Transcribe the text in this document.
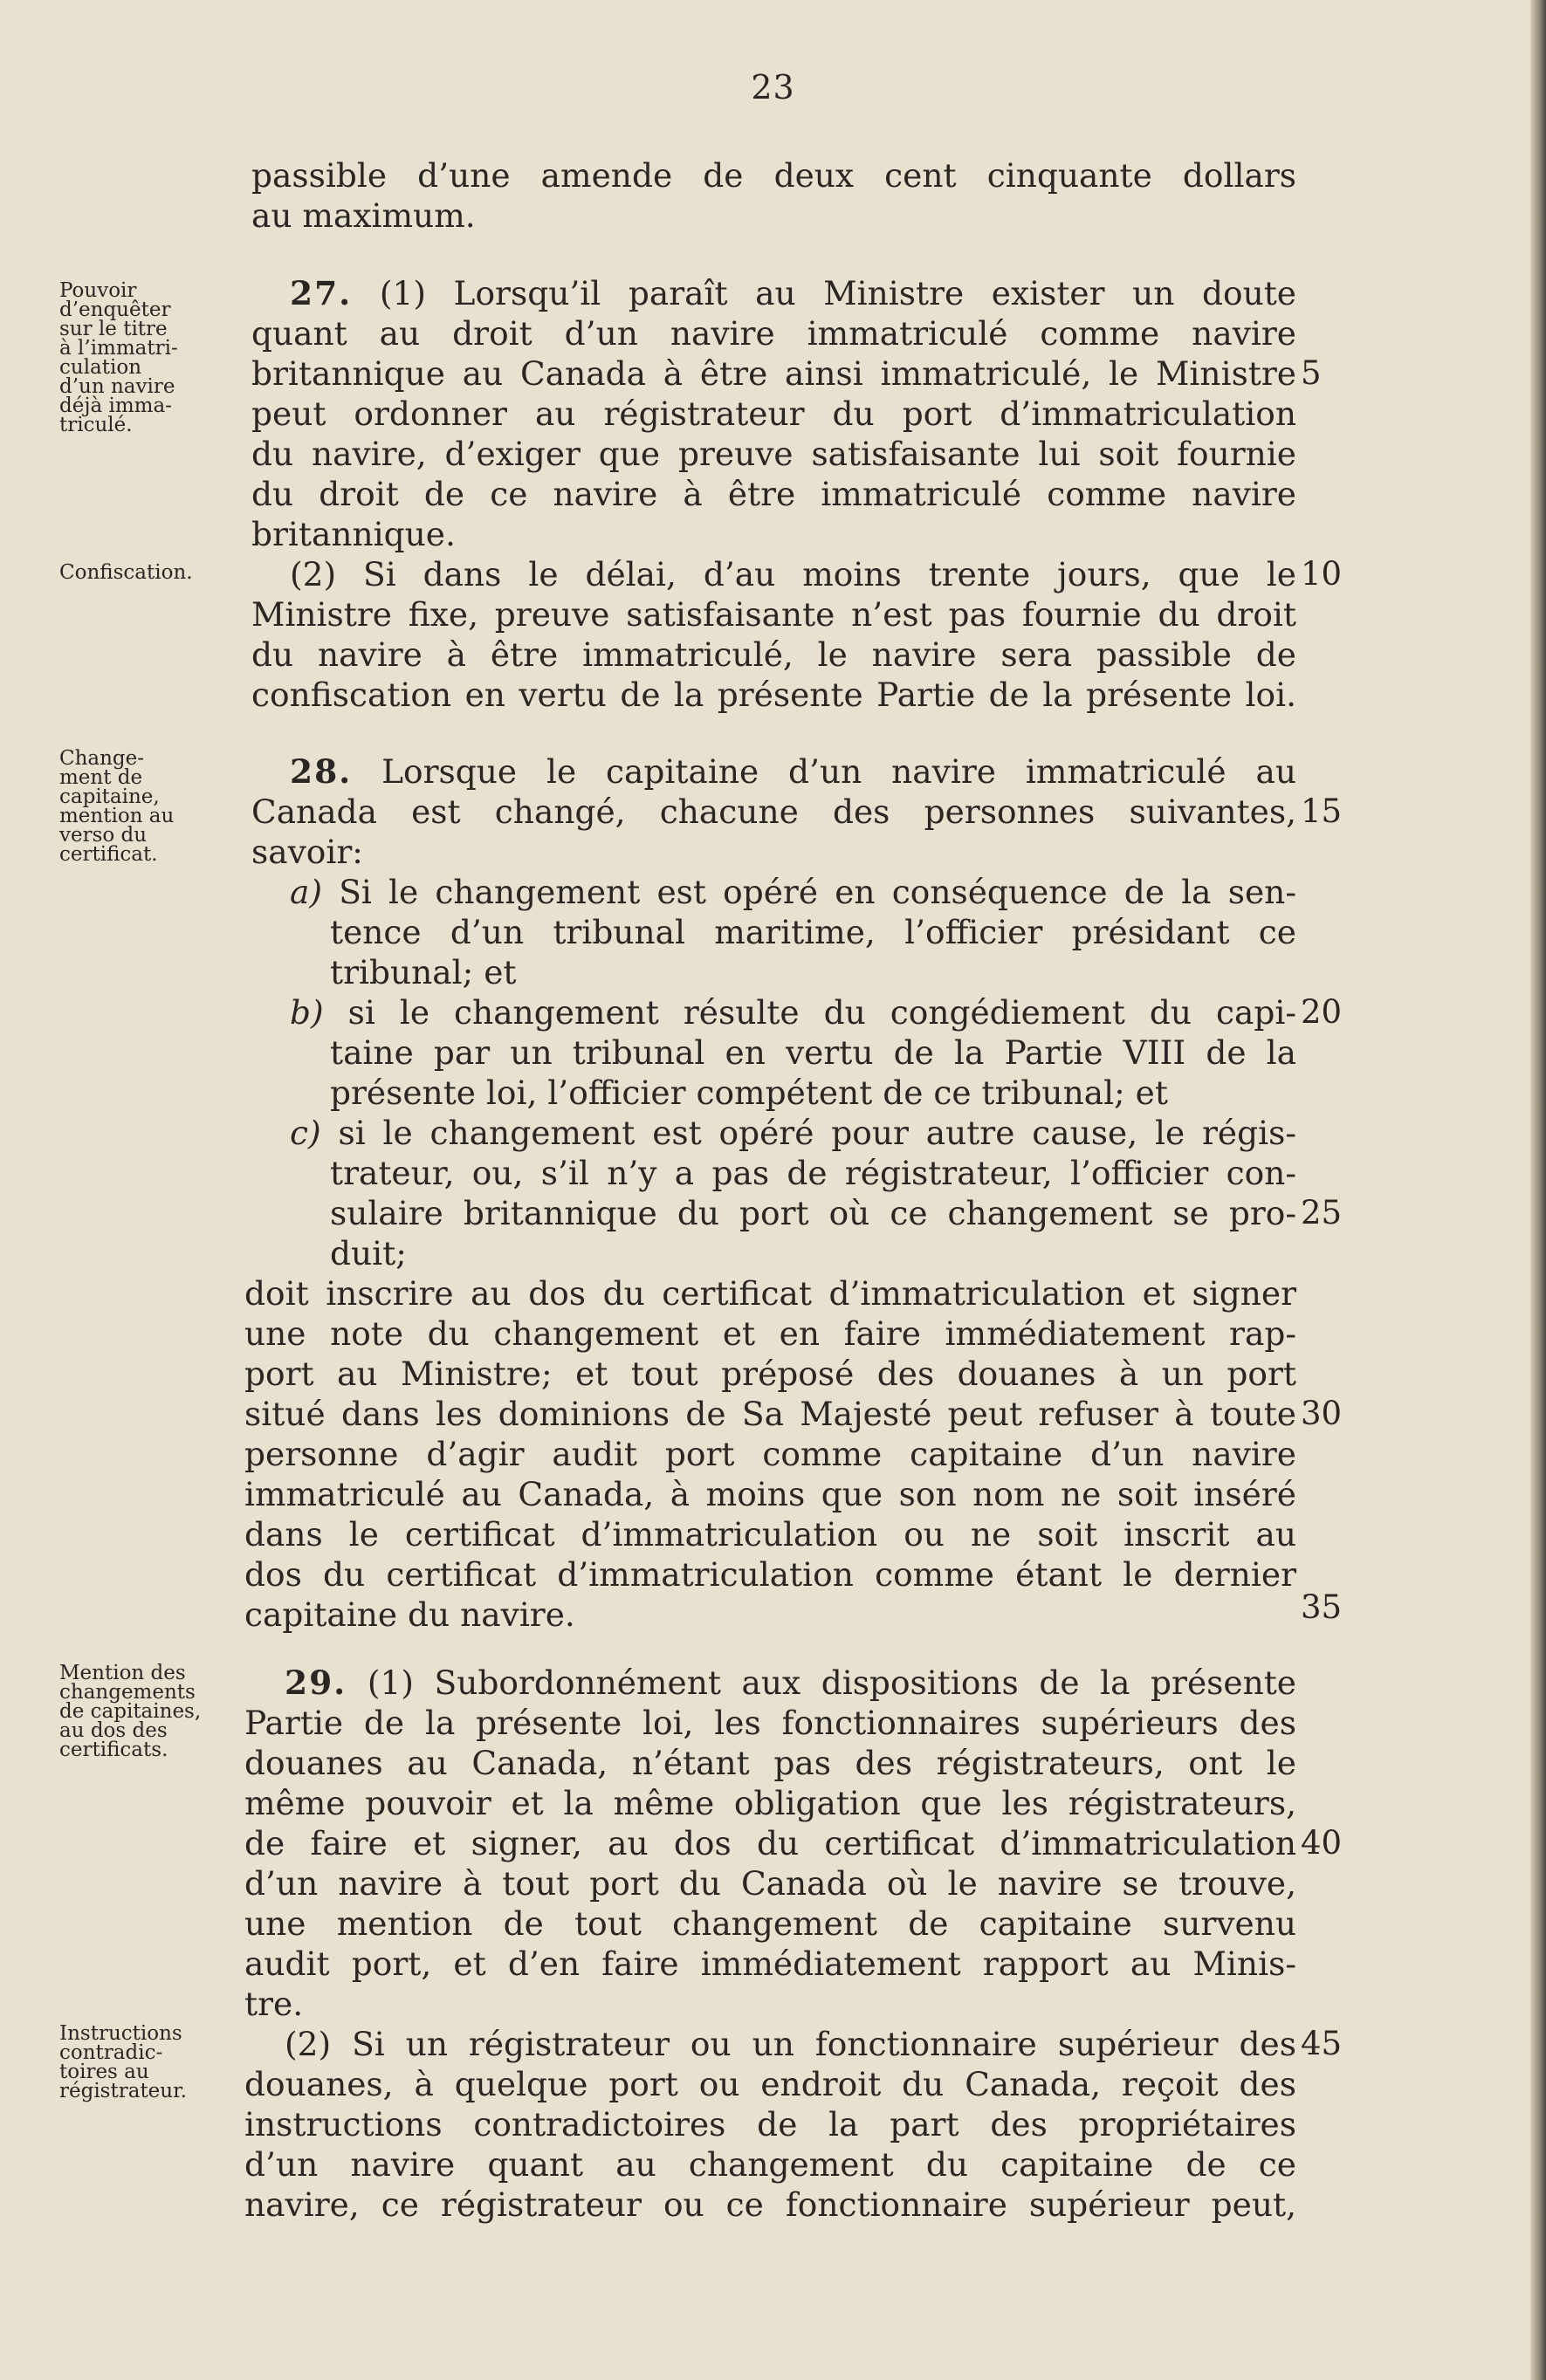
23
passible d’une amende de deux cent cinquante dollars
au maximum.
27. (1) Lorsqu’il paraît au Ministre exister un doute
quant au droit d’un navire immatriculé comme navire
britannique au Canada à être ainsi immatriculé, le Ministre
peut ordonner au régistrateur du port d’immatriculation
du navire, d’exiger que preuve satisfaisante lui soit fournie
du droit de ce navire à être immatriculé comme navire
britannique.
(2) Si dans le délai, d’au moins trente jours, que le
Ministre fixe, preuve satisfaisante n’est pas fournie du droit
du navire à être immatriculé, le navire sera passible de
confiscation en vertu de la présente Partie de la présente loi.
28. Lorsque le capitaine d’un navire immatriculé au
Canada est changé, chacune des personnes suivantes,
savoir:
a) Si le changement est opéré en conséquence de la sen-
tence d’un tribunal maritime, l’officier présidant ce
tribunal; et
b) si le changement résulte du congédiement du capi-
taine par un tribunal en vertu de la Partie VIII de la
présente loi, l’officier compétent de ce tribunal; et
c) si le changement est opéré pour autre cause, le régis-
trateur, ou, s’il n’y a pas de régistrateur, l’officier con-
sulaire britannique du port où ce changement se pro-
duit;
doit inscrire au dos du certificat d’immatriculation et signer
une note du changement et en faire immédiatement rap-
port au Ministre; et tout préposé des douanes à un port
situé dans les dominions de Sa Majesté peut refuser à toute
personne d’agir audit port comme capitaine d’un navire
immatriculé au Canada, à moins que son nom ne soit inséré
dans le certificat d’immatriculation ou ne soit inscrit au
dos du certificat d’immatriculation comme étant le dernier
capitaine du navire.
29. (1) Subordonnément aux dispositions de la présente
Partie de la présente loi, les fonctionnaires supérieurs des
douanes au Canada, n’étant pas des régistrateurs, ont le
même pouvoir et la même obligation que les régistrateurs,
de faire et signer, au dos du certificat d’immatriculation
d’un navire à tout port du Canada où le navire se trouve,
une mention de tout changement de capitaine survenu
audit port, et d’en faire immédiatement rapport au Minis-
tre.
(2) Si un régistrateur ou un fonctionnaire supérieur des
douanes, à quelque port ou endroit du Canada, reçoit des
instructions contradictoires de la part des propriétaires
d’un navire quant au changement du capitaine de ce
navire, ce régistrateur ou ce fonctionnaire supérieur peut,
Pouvoir
d’enquêter
sur le titre
à l’immatri-
culation
d’un navire
déjà imma-
triculé.
Confiscation.
Change-
ment de
capitaine,
mention au
verso du
certificat.
Mention des
changements
de capitaines,
au dos des
certificats.
Instructions
contradic-
toires au
régistrateur.
5
10
15
20
25
30
35
40
45
